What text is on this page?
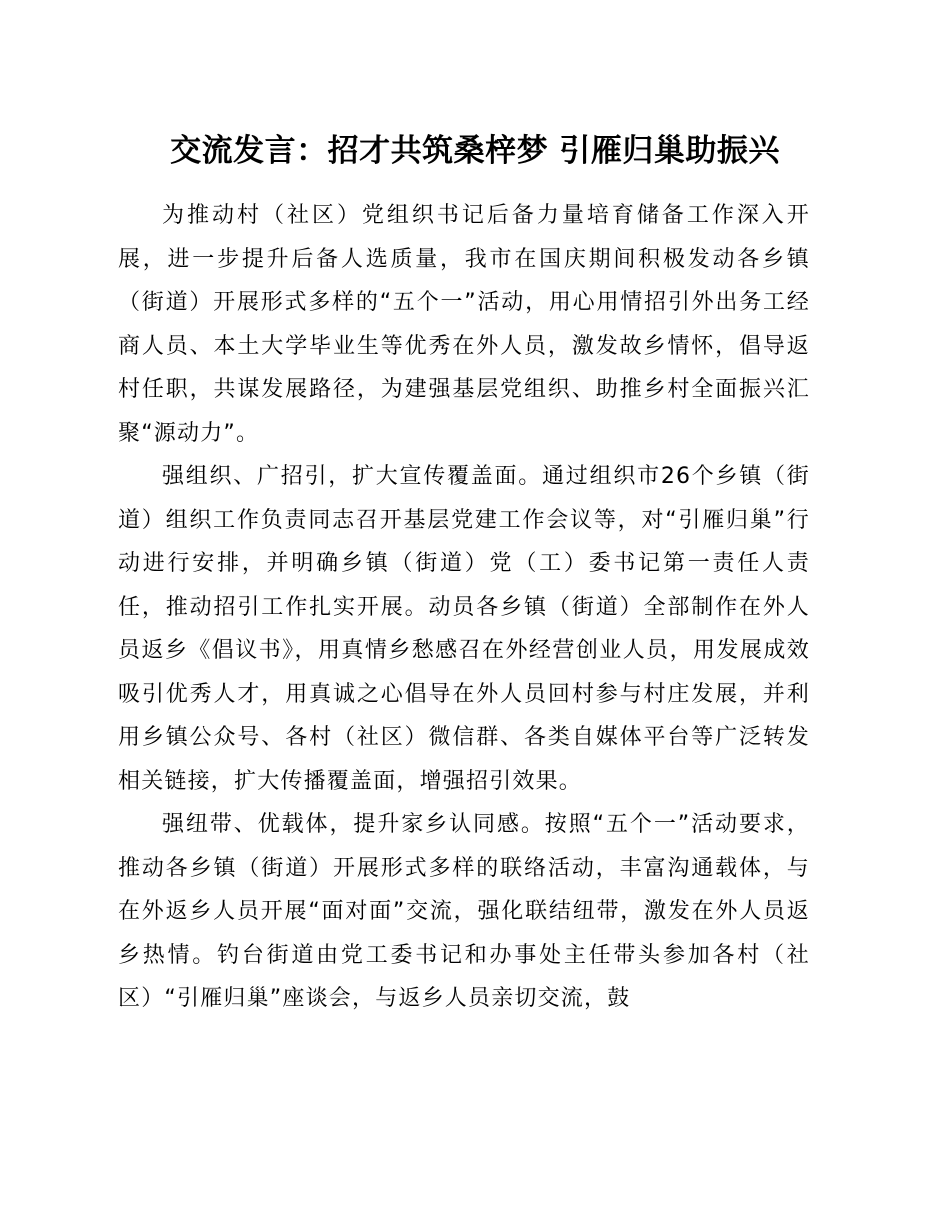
交流发言：招才共筑桑梓梦 引雁归巢助振兴

为推动村（社区）党组织书记后备力量培育储备工作深入开展，进一步提升后备人选质量，我市在国庆期间积极发动各乡镇（街道）开展形式多样的“五个一”活动，用心用情招引外出务工经商人员、本土大学毕业生等优秀在外人员，激发故乡情怀，倡导返村任职，共谋发展路径，为建强基层党组织、助推乡村全面振兴汇聚“源动力”。

强组织、广招引，扩大宣传覆盖面。通过组织市26个乡镇（街道）组织工作负责同志召开基层党建工作会议等，对“引雁归巢”行动进行安排，并明确乡镇（街道）党（工）委书记第一责任人责任，推动招引工作扎实开展。动员各乡镇（街道）全部制作在外人员返乡《倡议书》，用真情乡愁感召在外经营创业人员，用发展成效吸引优秀人才，用真诚之心倡导在外人员回村参与村庄发展，并利用乡镇公众号、各村（社区）微信群、各类自媒体平台等广泛转发相关链接，扩大传播覆盖面，增强招引效果。

强纽带、优载体，提升家乡认同感。按照“五个一”活动要求，推动各乡镇（街道）开展形式多样的联络活动，丰富沟通载体，与在外返乡人员开展“面对面”交流，强化联结纽带，激发在外人员返乡热情。钓台街道由党工委书记和办事处主任带头参加各村（社区）“引雁归巢”座谈会，与返乡人员亲切交流，鼓
